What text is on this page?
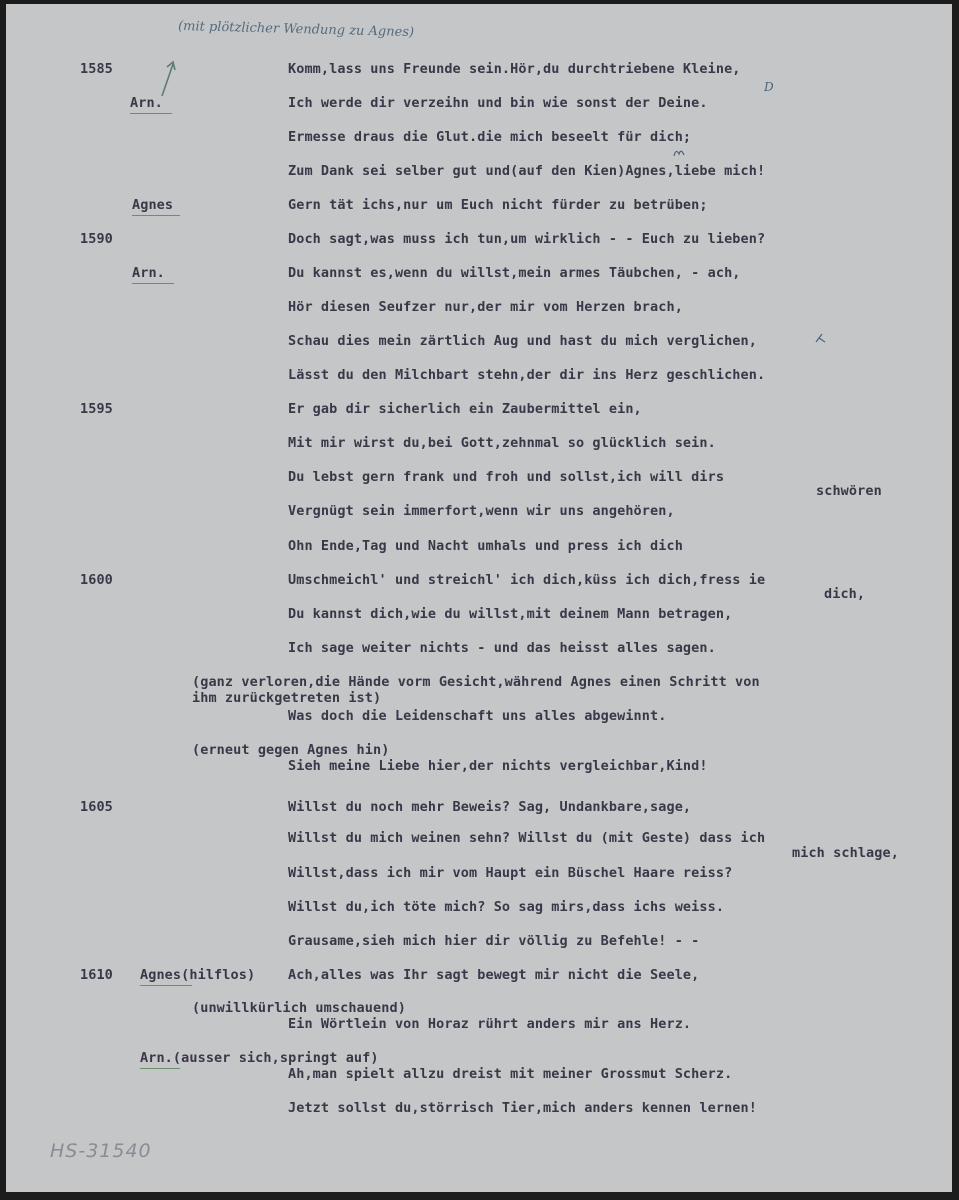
(mit plötzlicher Wendung zu Agnes)
1585
1590
1595
1600
1605
1610
Arn.
Agnes
Arn.
Agnes(hilflos)
Arn.(ausser sich,springt auf)
Komm,lass uns Freunde sein.Hör,du durchtriebene Kleine,
Ich werde dir verzeihn und bin wie sonst der Deine.
Ermesse draus die Glut.die mich beseelt für dich;
Zum Dank sei selber gut und(auf den Kien)Agnes,liebe mich!
Gern tät ichs,nur um Euch nicht fürder zu betrüben;
Doch sagt,was muss ich tun,um wirklich - - Euch zu lieben?
Du kannst es,wenn du willst,mein armes Täubchen, - ach,
Hör diesen Seufzer nur,der mir vom Herzen brach,
Schau dies mein zärtlich Aug und hast du mich verglichen,
Lässt du den Milchbart stehn,der dir ins Herz geschlichen.
Er gab dir sicherlich ein Zaubermittel ein,
Mit mir wirst du,bei Gott,zehnmal so glücklich sein.
Du lebst gern frank und froh und sollst,ich will dirs
schwören
Vergnügt sein immerfort,wenn wir uns angehören,
Ohn Ende,Tag und Nacht umhals und press ich dich
Umschmeichl' und streichl' ich dich,küss ich dich,fress ie
dich,
Du kannst dich,wie du willst,mit deinem Mann betragen,
Ich sage weiter nichts - und das heisst alles sagen.
(ganz verloren,die Hände vorm Gesicht,während Agnes einen Schritt von
ihm zurückgetreten ist)
Was doch die Leidenschaft uns alles abgewinnt.
(erneut gegen Agnes hin)
Sieh meine Liebe hier,der nichts vergleichbar,Kind!
Willst du noch mehr Beweis? Sag, Undankbare,sage,
Willst du mich weinen sehn? Willst du (mit Geste) dass ich
mich schlage,
Willst,dass ich mir vom Haupt ein Büschel Haare reiss?
Willst du,ich töte mich? So sag mirs,dass ichs weiss.
Grausame,sieh mich hier dir völlig zu Befehle! - -
Ach,alles was Ihr sagt bewegt mir nicht die Seele,
(unwillkürlich umschauend)
Ein Wörtlein von Horaz rührt anders mir ans Herz.
Ah,man spielt allzu dreist mit meiner Grossmut Scherz.
Jetzt sollst du,störrisch Tier,mich anders kennen lernen!
D
HS-31540
